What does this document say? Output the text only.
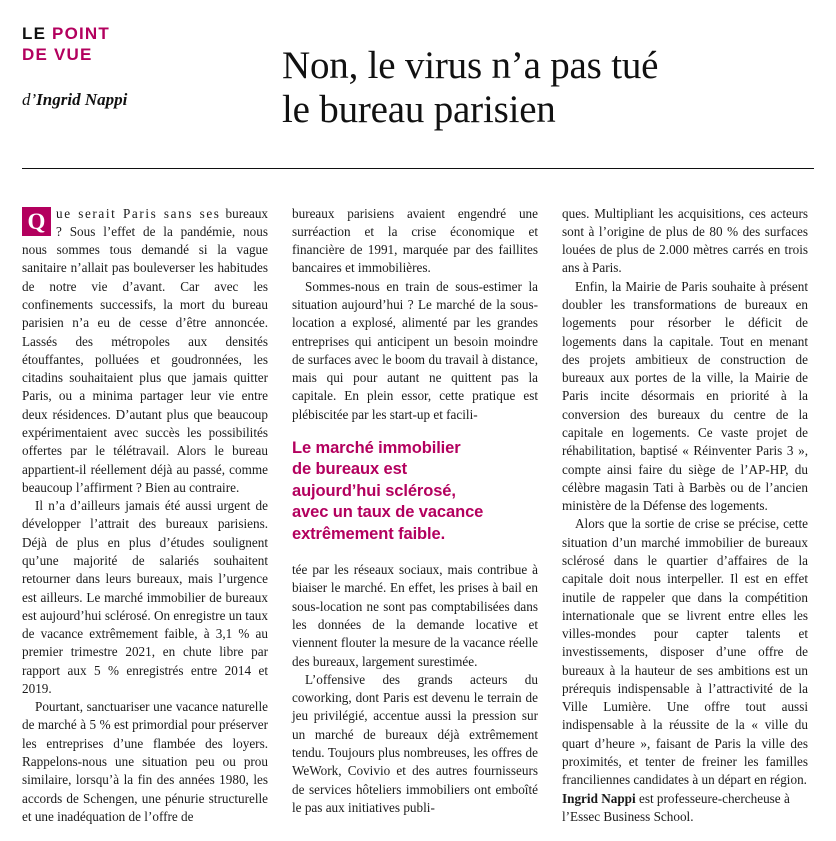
LE POINT
DE VUE
d’Ingrid Nappi
Non, le virus n’a pas tué
le bureau parisien

Q ue serait Paris sans ses bureaux ? Sous l’effet de la pandémie, nous nous sommes tous demandé si la vague sanitaire n’allait pas bouleverser les habitudes de notre vie d’avant. Car avec les confinements successifs, la mort du bureau parisien n’a eu de cesse d’être annoncée. Lassés des métropoles aux densités étouffantes, polluées et goudronnées, les citadins souhaitaient plus que jamais quitter Paris, ou a minima partager leur vie entre deux résidences. D’autant plus que beaucoup expérimentaient avec succès les possibilités offertes par le télétravail. Alors le bureau appartient-il réellement déjà au passé, comme beaucoup l’affirment ? Bien au contraire.

Il n’a d’ailleurs jamais été aussi urgent de développer l’attrait des bureaux parisiens. Déjà de plus en plus d’études soulignent qu’une majorité de salariés souhaitent retourner dans leurs bureaux, mais l’urgence est ailleurs. Le marché immobilier de bureaux est aujourd’hui sclérosé. On enregistre un taux de vacance extrêmement faible, à 3,1 % au premier trimestre 2021, en chute libre par rapport aux 5 % enregistrés entre 2014 et 2019.

Pourtant, sanctuariser une vacance naturelle de marché à 5 % est primordial pour préserver les entreprises d’une flambée des loyers. Rappelons-nous une situation peu ou prou similaire, lorsqu’à la fin des années 1980, les accords de Schengen, une pénurie structurelle et une inadéquation de l’offre de

bureaux parisiens avaient engendré une surréaction et la crise économique et financière de 1991, marquée par des faillites bancaires et immobilières.

Sommes-nous en train de sous-estimer la situation aujourd’hui ? Le marché de la sous-location a explosé, alimenté par les grandes entreprises qui anticipent un besoin moindre de surfaces avec le boom du travail à distance, mais qui pour autant ne quittent pas la capitale. En plein essor, cette pratique est plébiscitée par les start-up et facili-

Le marché immobilier
de bureaux est
aujourd’hui sclérosé,
avec un taux de vacance
extrêmement faible.

tée par les réseaux sociaux, mais contribue à biaiser le marché. En effet, les prises à bail en sous-location ne sont pas comptabilisées dans les données de la demande locative et viennent flouter la mesure de la vacance réelle des bureaux, largement surestimée.

L’offensive des grands acteurs du coworking, dont Paris est devenu le terrain de jeu privilégié, accentue aussi la pression sur un marché de bureaux déjà extrêmement tendu. Toujours plus nombreuses, les offres de WeWork, Covivio et des autres fournisseurs de services hôteliers immobiliers ont emboîté le pas aux initiatives publi-

ques. Multipliant les acquisitions, ces acteurs sont à l’origine de plus de 80 % des surfaces louées de plus de 2.000 mètres carrés en trois ans à Paris.

Enfin, la Mairie de Paris souhaite à présent doubler les transformations de bureaux en logements pour résorber le déficit de logements dans la capitale. Tout en menant des projets ambitieux de construction de bureaux aux portes de la ville, la Mairie de Paris incite désormais en priorité à la conversion des bureaux du centre de la capitale en logements. Ce vaste projet de réhabilitation, baptisé « Réinventer Paris 3 », compte ainsi faire du siège de l’AP-HP, du célèbre magasin Tati à Barbès ou de l’ancien ministère de la Défense des logements.

Alors que la sortie de crise se précise, cette situation d’un marché immobilier de bureaux sclérosé dans le quartier d’affaires de la capitale doit nous interpeller. Il est en effet inutile de rappeler que dans la compétition internationale que se livrent entre elles les villes-mondes pour capter talents et investissements, disposer d’une offre de bureaux à la hauteur de ses ambitions est un prérequis indispensable à l’attractivité de la Ville Lumière. Une offre tout aussi indispensable à la réussite de la « ville du quart d’heure », faisant de Paris la ville des proximités, et tenter de freiner les familles franciliennes candidates à un départ en région.

Ingrid Nappi est professeure-chercheuse à l’Essec Business School.
